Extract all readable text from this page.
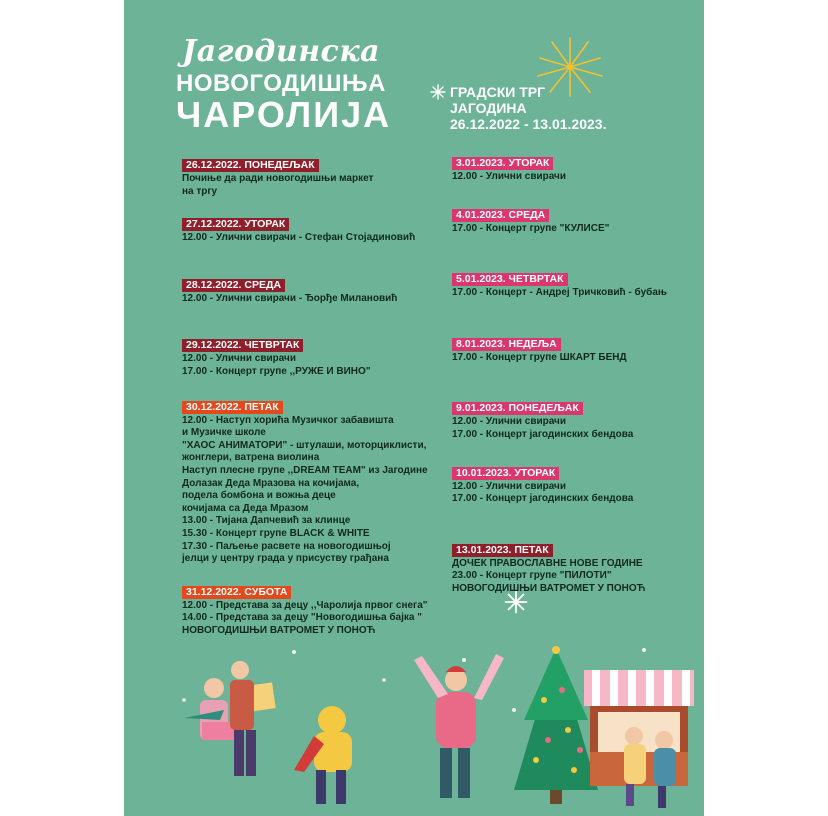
Јагодинска
НОВОГОДИШЊА
ЧАРОЛИЈА
ГРАДСКИ ТРГ
ЈАГОДИНА
26.12.2022 - 13.01.2023.
26.12.2022. ПОНЕДЕЉАК
Почиње да ради новогодишњи маркет
на тргу
27.12.2022. УТОРАК
12.00 - Улични свирачи - Стефан Стојадиновић
28.12.2022. СРЕДА
12.00 - Улични свирачи - Ђорђе Милановић
29.12.2022. ЧЕТВРТАК
12.00 - Улични свирачи
17.00 - Концерт групе ,,РУЖЕ И ВИНО"
30.12.2022. ПЕТАК
12.00 - Наступ хорића Музичког забавишта
и Музичке школе
"ХАОС АНИМАТОРИ" - штулаши, моторциклисти,
жонглери, ватрена виолина
Наступ плесне групе ,,DREAM TEAM" из Јагодине
Долазак Деда Мразова на кочијама,
подела бомбона и вожња деце
кочијама са Деда Мразом
13.00 - Тијана Дапчевић за клинце
15.30 - Концерт групе BLACK & WHITE
17.30 - Паљење расвете на новогодишњој
јелци у центру града у присуству грађана
31.12.2022. СУБОТА
12.00 - Представа за децу ,,Чаролија првог снега"
14.00 - Представа за децу "Новогодишња бајка "
НОВОГОДИШЊИ ВАТРОМЕТ У ПОНОЋ
3.01.2023. УТОРАК
12.00 - Улични свирачи
4.01.2023. СРЕДА
17.00 - Концерт групе "КУЛИСЕ"
5.01.2023. ЧЕТВРТАК
17.00 - Концерт - Андреј Тричковић - бубањ
8.01.2023. НЕДЕЉА
17.00 - Концерт групе ШКАРТ БЕНД
9.01.2023. ПОНЕДЕЉАК
12.00 - Улични свирачи
17.00 - Концерт јагодинских бендова
10.01.2023. УТОРАК
12.00 - Улични свирачи
17.00 - Концерт јагодинских бендова
13.01.2023. ПЕТАК
ДОЧЕК ПРАВОСЛАВНЕ НОВЕ ГОДИНЕ
23.00 - Концерт групе "ПИЛОТИ"
НОВОГОДИШЊИ ВАТРОМЕТ У ПОНОЋ
